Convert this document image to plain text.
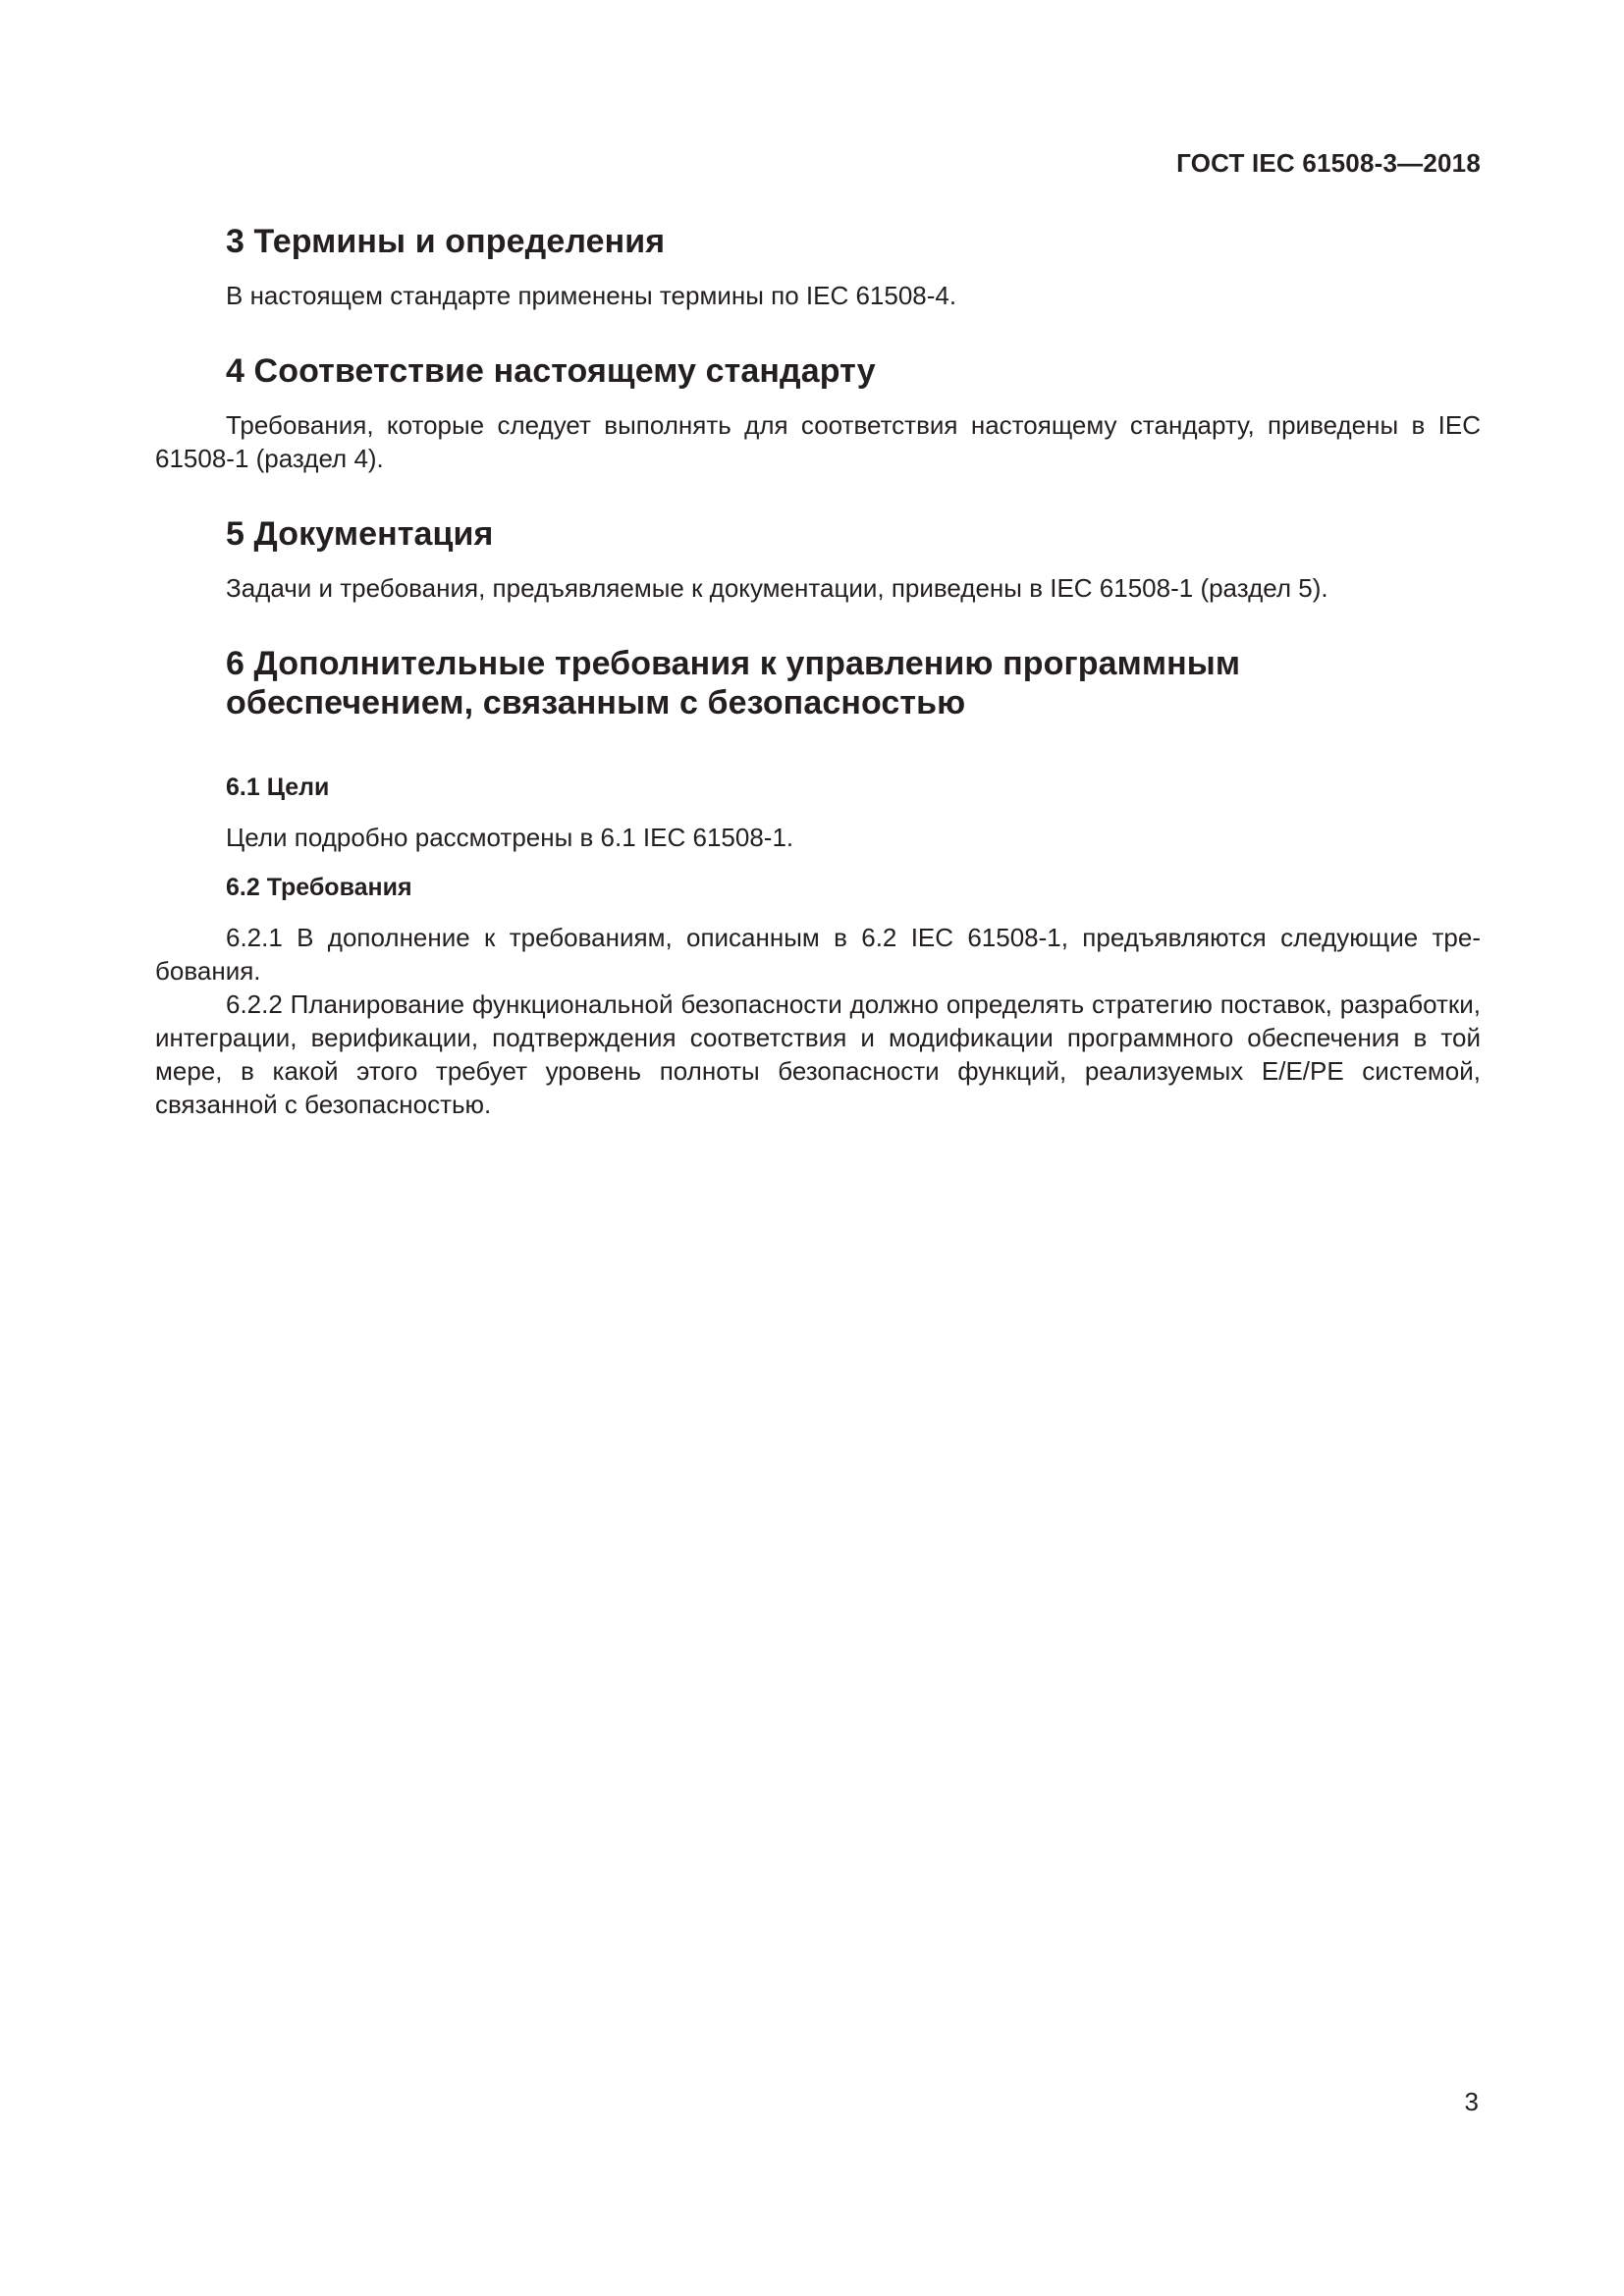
ГОСТ IEC 61508-3—2018

3 Термины и определения

В настоящем стандарте применены термины по IEC 61508-4.

4 Соответствие настоящему стандарту

Требования, которые следует выполнять для соответствия настоящему стандарту, приведены в IEC 61508-1 (раздел 4).

5 Документация

Задачи и требования, предъявляемые к документации, приведены в IEC 61508-1 (раздел 5).

6 Дополнительные требования к управлению программным обеспечением, связанным с безопасностью
6.1 Цели

Цели подробно рассмотрены в 6.1 IEC 61508-1.

6.2 Требования

6.2.1 В дополнение к требованиям, описанным в 6.2 IEC 61508-1, предъявляются следующие требования.

6.2.2 Планирование функциональной безопасности должно определять стратегию поставок, разработки, интеграции, верификации, подтверждения соответствия и модификации программного обеспечения в той мере, в какой этого требует уровень полноты безопасности функций, реализуемых E/E/PE системой, связанной с безопасностью.

3
